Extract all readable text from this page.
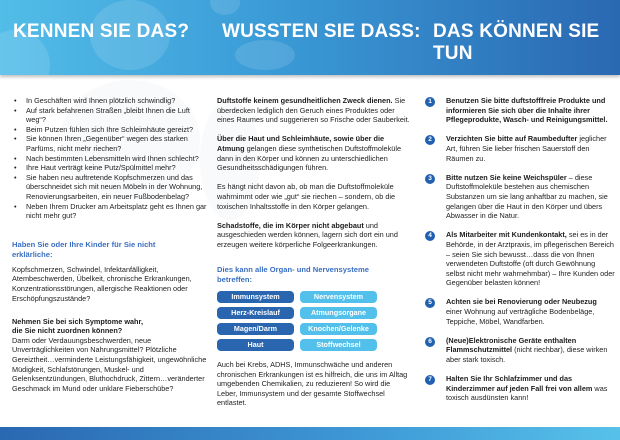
KENNEN SIE DAS? WUSSTEN SIE DASS: DAS KÖNNEN SIE TUN
• In Geschäften wird Ihnen plötzlich schwindlig?
• Auf stark befahrenen Straßen „bleibt Ihnen die Luft weg“?
• Beim Putzen fühlen sich Ihre Schleimhäute gereizt?
• Sie können Ihren „Gegenüber“ wegen des starken Parfüms, nicht mehr riechen?
• Nach bestimmten Lebensmitteln wird Ihnen schlecht?
• Ihre Haut verträgt keine Putz/Spülmittel mehr?
• Sie haben neu auftretende Kopfschmerzen und das überschneidet sich mit neuen Möbeln in der Wohnung, Renovierungsarbeiten, ein neuer Fußbodenbelag?
• Neben Ihrem Drucker am Arbeitsplatz geht es Ihnen gar nicht mehr gut?
Haben Sie oder Ihre Kinder für Sie nicht erklärliche:

Kopfschmerzen, Schwindel, Infektanfälligkeit, Atembeschwerden, Übelkeit, chronische Erkrankungen, Konzentrationsstörungen, allergische Reaktionen oder Erschöpfungszustände?

Nehmen Sie bei sich Symptome wahr, die Sie nicht zuordnen können?

Darm oder Verdauungsbeschwerden, neue Unverträglichkeiten von Nahrungsmittel? Plötzliche Gereiztheit…verminderte Leistungsfähigkeit, ungewöhnliche Müdigkeit, Schlafstörungen, Muskel- und Gelenksentzündungen, Bluthochdruck, Zittern…veränderter Geschmack im Mund oder unklare Fieberschübe?

Duftstoffe keinem gesundheitlichen Zweck dienen. Sie überdecken lediglich den Geruch eines Produktes oder eines Raumes und suggerieren so Frische oder Sauberkeit.

Über die Haut und Schleimhäute, sowie über die Atmung gelangen diese synthetischen Duftstoffmoleküle dann in den Körper und können zu unterschiedlichen Gesundheitsschädigungen führen.

Es hängt nicht davon ab, ob man die Duftstoffmoleküle wahrnimmt oder wie „gut“ sie riechen – sondern, ob die toxischen Inhaltsstoffe in den Körper gelangen.

Schadstoffe, die im Körper nicht abgebaut und ausgeschieden werden können, lagern sich dort ein und erzeugen weitere körperliche Folgeerkrankungen.

Dies kann alle Organ- und Nervensysteme betreffen:
Immunsystem	Nervensystem
Herz-Kreislauf	Atmungsorgane
Magen/Darm	Knochen/Gelenke
Haut	Stoffwechsel

Auch bei Krebs, ADHS, Immunschwäche und anderen chronischen Erkrankungen ist es hilfreich, die uns im Alltag umgebenden Chemikalien, zu reduzieren! So wird die Leber, Immunsystem und der gesamte Stoffwechsel entlastet.

1	Benutzen Sie bitte duftstofffreie Produkte und informieren Sie sich über die Inhalte ihrer Pflegeprodukte, Wasch- und Reinigungsmittel.
2	Verzichten Sie bitte auf Raumbedufter jeglicher Art, führen Sie lieber frischen Sauerstoff den Räumen zu.
3	Bitte nutzen Sie keine Weichspüler – diese Duftstoffmoleküle bestehen aus chemischen Substanzen um sie lang anhaftbar zu machen, sie gelangen über die Haut in den Körper und übers Abwasser in die Natur.
4	Als Mitarbeiter mit Kundenkontakt, sei es in der Behörde, in der Arztpraxis, im pflegerischen Bereich – seien Sie sich bewusst…dass die von Ihnen verwendeten Duftstoffe (oft durch Gewöhnung selbst nicht mehr wahrnehmbar) – Ihre Kunden oder Gegenüber belasten können!
5	Achten sie bei Renovierung oder Neubezug einer Wohnung auf verträgliche Bodenbeläge, Teppiche, Möbel, Wandfarben.
6	(Neue)Elektronische Geräte enthalten Flammschutzmittel (nicht riechbar), diese wirken aber stark toxisch.
7	Halten Sie Ihr Schlafzimmer und das Kinderzimmer auf jeden Fall frei von allem was toxisch ausdünsten kann!
